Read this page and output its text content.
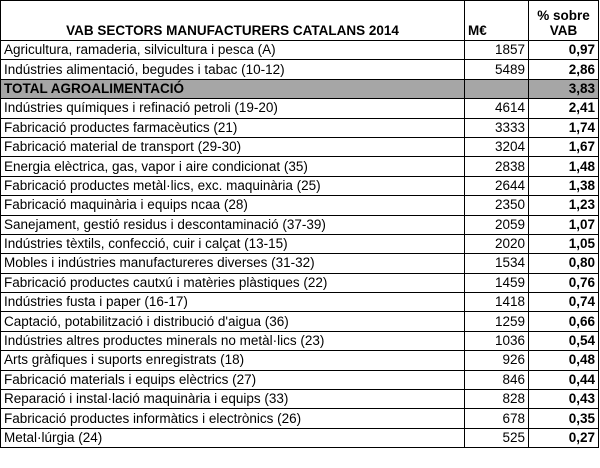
VAB SECTORS MANUFACTURERS CATALANS 2014	M€	% sobre
VAB
Agricultura, ramaderia, silvicultura i pesca (A)	1857	0,97
Indústries alimentació, begudes i tabac (10-12)	5489	2,86
TOTAL AGROALIMENTACIÓ		3,83
Indústries químiques i refinació petroli (19-20)	4614	2,41
Fabricació productes farmacèutics (21)	3333	1,74
Fabricació material de transport (29-30)	3204	1,67
Energia elèctrica, gas, vapor i aire condicionat (35)	2838	1,48
Fabricació productes metàl·lics, exc. maquinària (25)	2644	1,38
Fabricació maquinària i equips ncaa (28)	2350	1,23
Sanejament, gestió residus i descontaminació (37-39)	2059	1,07
Indústries tèxtils, confecció, cuir i calçat (13-15)	2020	1,05
Mobles i indústries manufactureres diverses (31-32)	1534	0,80
Fabricació productes cautxú i matèries plàstiques (22)	1459	0,76
Indústries fusta i paper (16-17)	1418	0,74
Captació, potabilització i distribució d'aigua (36)	1259	0,66
Indústries altres productes minerals no metàl·lics (23)	1036	0,54
Arts gràfiques i suports enregistrats (18)	926	0,48
Fabricació materials i equips elèctrics (27)	846	0,44
Reparació i instal·lació maquinària i equips (33)	828	0,43
Fabricació productes informàtics i electrònics (26)	678	0,35
Metal·lúrgia (24)	525	0,27
